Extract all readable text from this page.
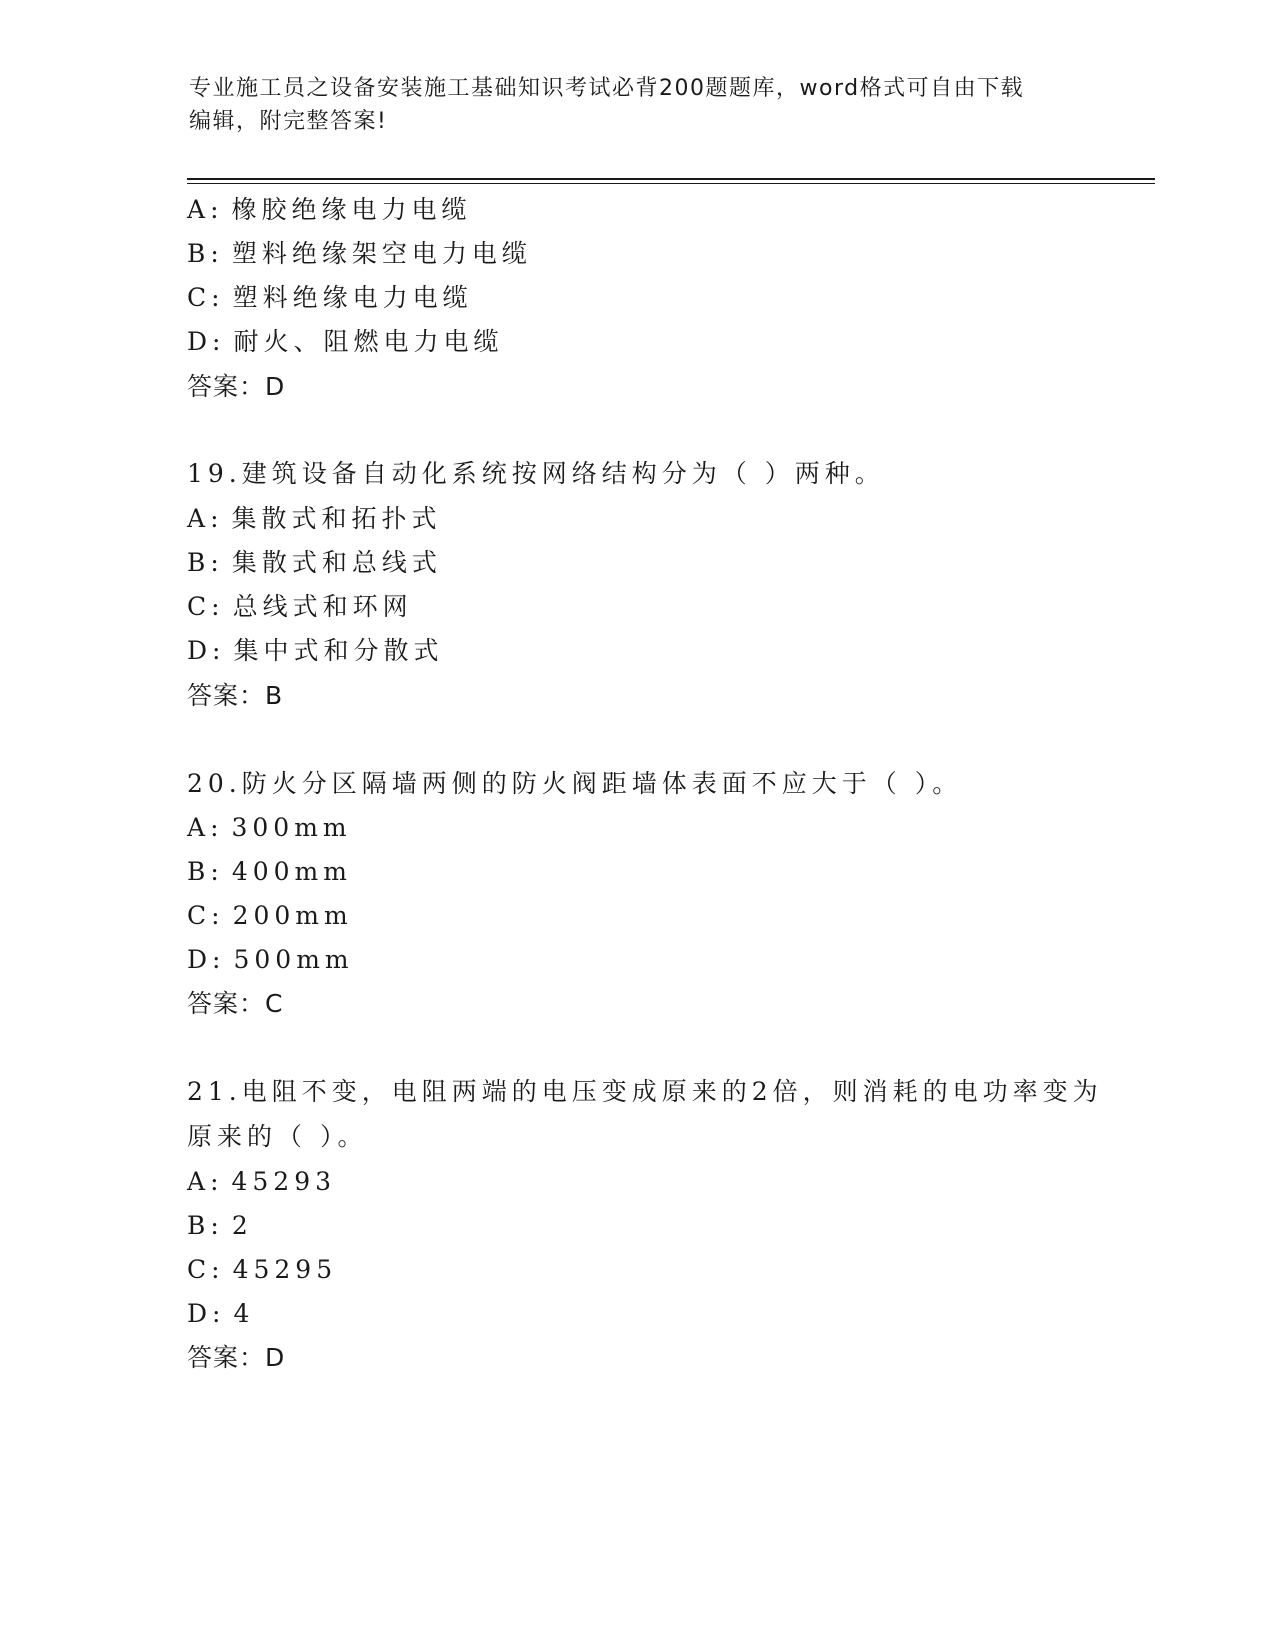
专业施工员之设备安装施工基础知识考试必背200题题库，word格式可自由下载
编辑，附完整答案!
A: 橡胶绝缘电力电缆
B: 塑料绝缘架空电力电缆
C: 塑料绝缘电力电缆
D: 耐火、阻燃电力电缆
答案：D
19.建筑设备自动化系统按网络结构分为（ ）两种。
A: 集散式和拓扑式
B: 集散式和总线式
C: 总线式和环网
D: 集中式和分散式
答案：B
20.防火分区隔墙两侧的防火阀距墙体表面不应大于（ ）。
A: 300mm
B: 400mm
C: 200mm
D: 500mm
答案：C
21.电阻不变，电阻两端的电压变成原来的2倍，则消耗的电功率变为
原来的（ ）。
A: 45293
B: 2
C: 45295
D: 4
答案：D
